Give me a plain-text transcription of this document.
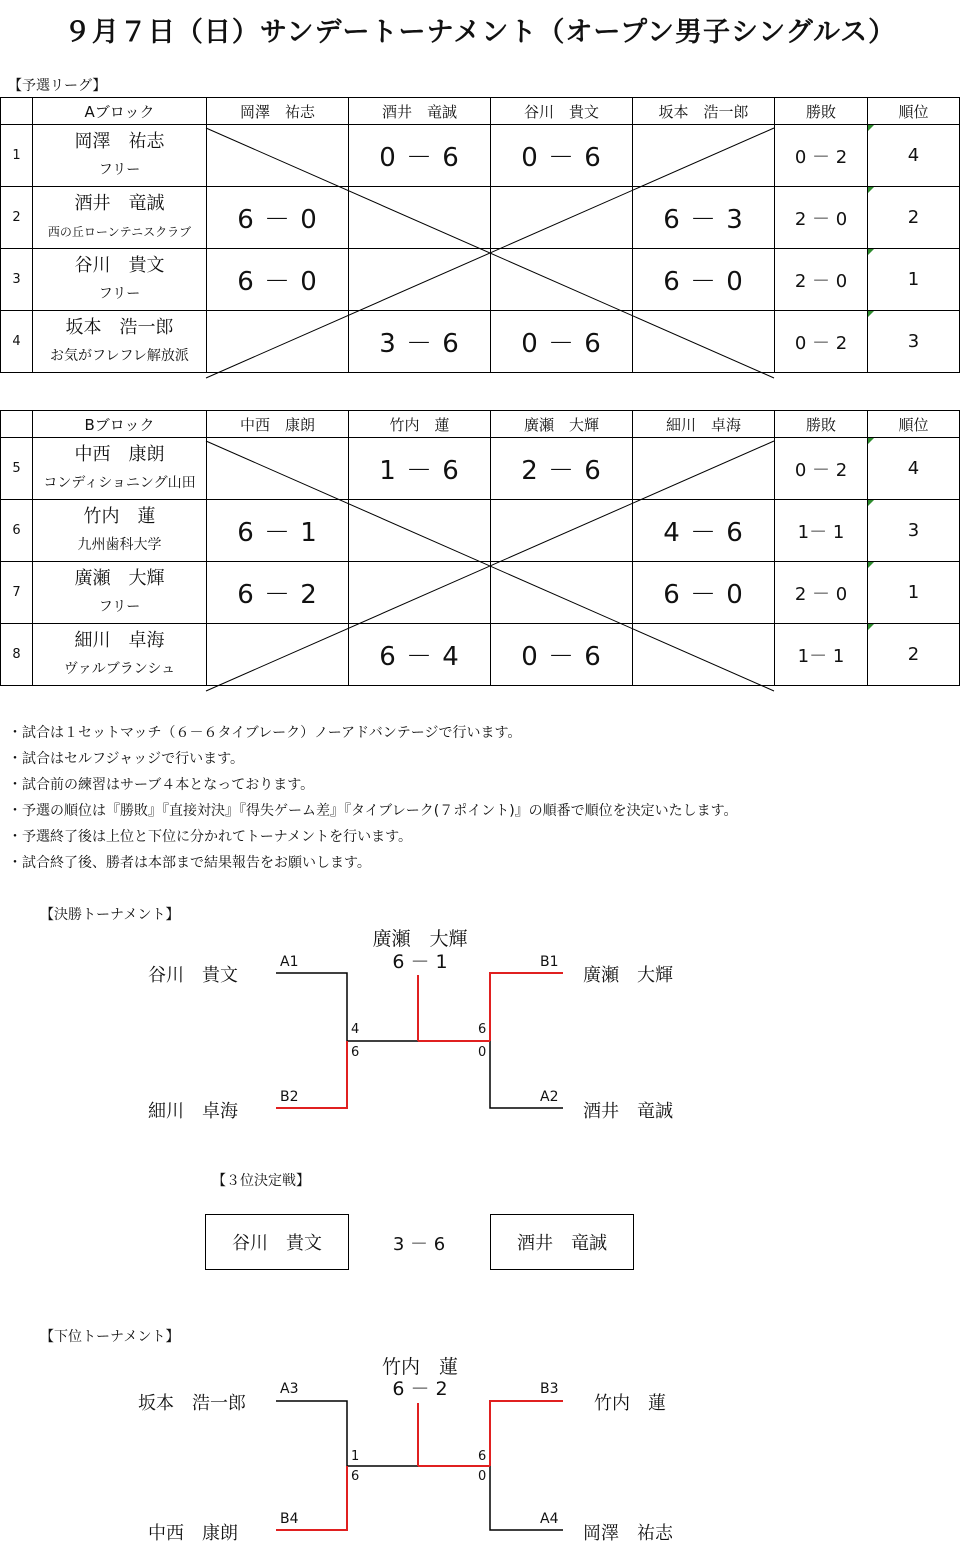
９月７日（日）サンデートーナメント（オープン男子シングルス）
【予選リーグ】
	Aブロック	岡澤　祐志	酒井　竜誠	谷川　貴文	坂本　浩一郎	勝敗	順位
1	岡澤　祐志
フリー		0 － 6	0 － 6		0 － 2	4
2	酒井　竜誠
西の丘ローンテニスクラブ	6 － 0			6 － 3	2 － 0	2
3	谷川　貴文
フリー	6 － 0			6 － 0	2 － 0	1
4	坂本　浩一郎
お気がフレフレ解放派		3 － 6	0 － 6		0 － 2	3
	Bブロック	中西　康朗	竹内　蓮	廣瀬　大輝	細川　卓海	勝敗	順位
5	中西　康朗
コンディショニング山田		1 － 6	2 － 6		0 － 2	4
6	竹内　蓮
九州歯科大学	6 － 1			4 － 6	1－ 1	3
7	廣瀬　大輝
フリー	6 － 2			6 － 0	2 － 0	1
8	細川　卓海
ヴァルブランシュ		6 － 4	0 － 6		1－ 1	2
・試合は１セットマッチ（６－６タイブレーク）ノーアドバンテージで行います。
・試合はセルフジャッジで行います。
・試合前の練習はサーブ４本となっております。
・予選の順位は『勝敗』『直接対決』『得失ゲーム差』『タイブレーク(７ポイント)』の順番で順位を決定いたします。
・予選終了後は上位と下位に分かれてトーナメントを行います。
・試合終了後、勝者は本部まで結果報告をお願いします。
【決勝トーナメント】
廣瀬　大輝
6 － 1
谷川　貴文
A1
細川　卓海
B2
廣瀬　大輝
B1
酒井　竜誠
A2
4
6
6
0
【３位決定戦】
谷川　貴文	3 － 6	酒井　竜誠
【下位トーナメント】
竹内　蓮
6 － 2
坂本　浩一郎
A3
中西　康朗
B4
竹内　蓮
B3
岡澤　祐志
A4
1
6
6
0
